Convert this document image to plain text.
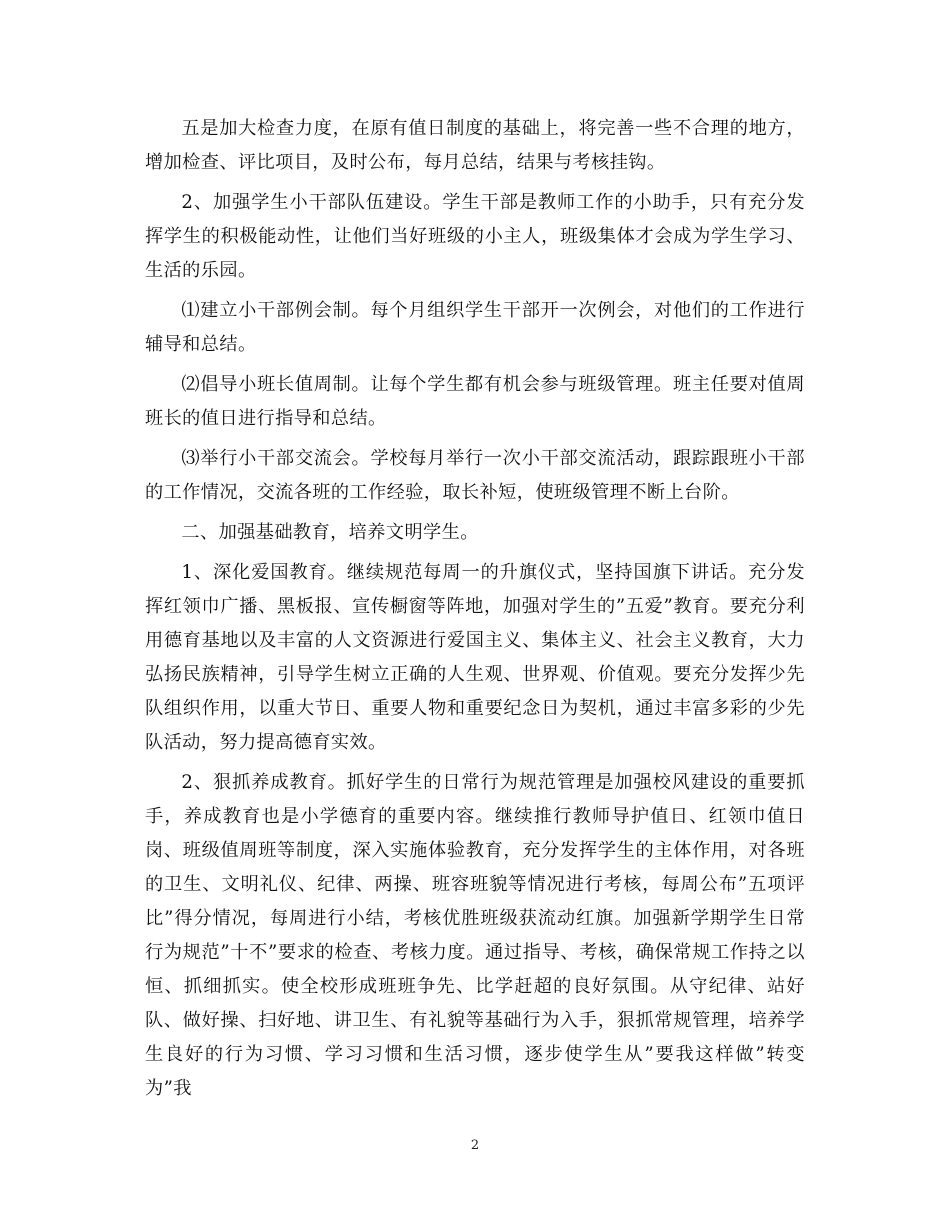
五是加大检查力度，在原有值日制度的基础上，将完善一些不合理的地方，增加检查、评比项目，及时公布，每月总结，结果与考核挂钩。

2、加强学生小干部队伍建设。学生干部是教师工作的小助手，只有充分发挥学生的积极能动性，让他们当好班级的小主人，班级集体才会成为学生学习、生活的乐园。

⑴建立小干部例会制。每个月组织学生干部开一次例会，对他们的工作进行辅导和总结。

⑵倡导小班长值周制。让每个学生都有机会参与班级管理。班主任要对值周班长的值日进行指导和总结。

⑶举行小干部交流会。学校每月举行一次小干部交流活动，跟踪跟班小干部的工作情况，交流各班的工作经验，取长补短，使班级管理不断上台阶。

二、加强基础教育，培养文明学生。

1、深化爱国教育。继续规范每周一的升旗仪式，坚持国旗下讲话。充分发挥红领巾广播、黑板报、宣传橱窗等阵地，加强对学生的”五爱”教育。要充分利用德育基地以及丰富的人文资源进行爱国主义、集体主义、社会主义教育，大力弘扬民族精神，引导学生树立正确的人生观、世界观、价值观。要充分发挥少先队组织作用，以重大节日、重要人物和重要纪念日为契机，通过丰富多彩的少先队活动，努力提高德育实效。

2、狠抓养成教育。抓好学生的日常行为规范管理是加强校风建设的重要抓手，养成教育也是小学德育的重要内容。继续推行教师导护值日、红领巾值日岗、班级值周班等制度，深入实施体验教育，充分发挥学生的主体作用，对各班的卫生、文明礼仪、纪律、两操、班容班貌等情况进行考核，每周公布”五项评比”得分情况，每周进行小结，考核优胜班级获流动红旗。加强新学期学生日常行为规范”十不”要求的检查、考核力度。通过指导、考核，确保常规工作持之以恒、抓细抓实。使全校形成班班争先、比学赶超的良好氛围。从守纪律、站好队、做好操、扫好地、讲卫生、有礼貌等基础行为入手，狠抓常规管理，培养学生良好的行为习惯、学习习惯和生活习惯，逐步使学生从”要我这样做”转变为”我

2
